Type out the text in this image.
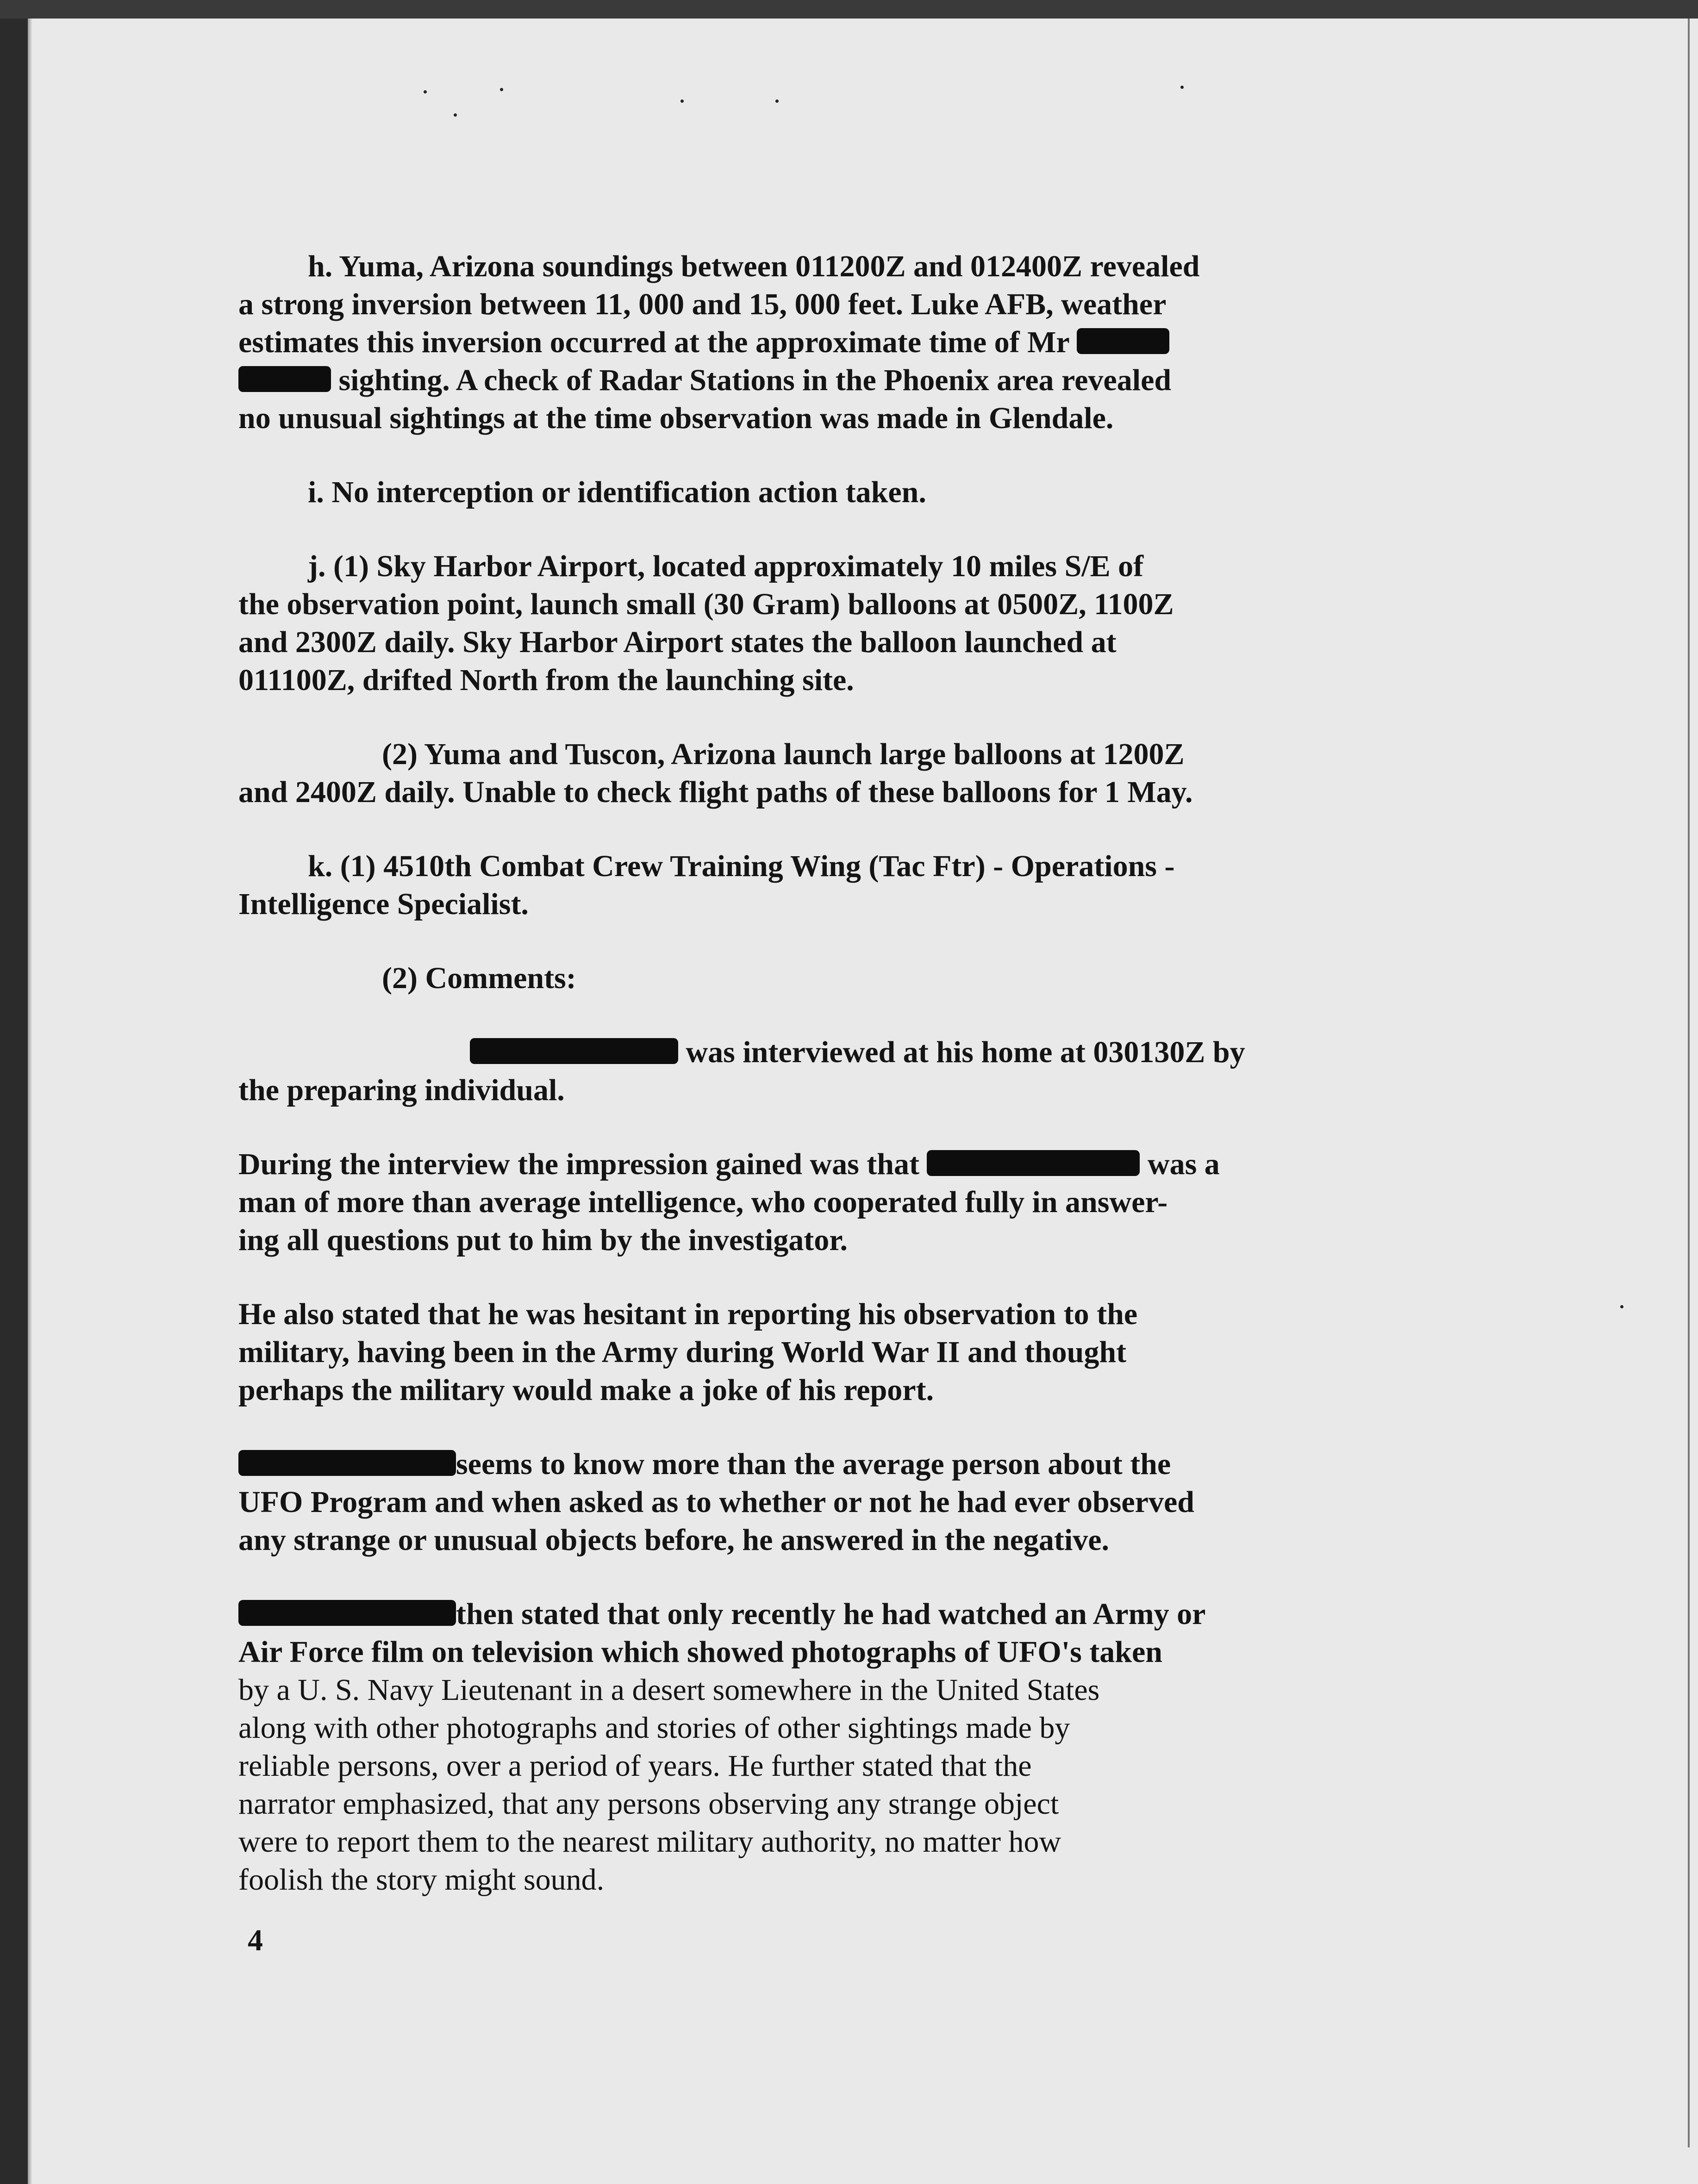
h. Yuma, Arizona soundings between 011200Z and 012400Z revealed

a strong inversion between 11, 000 and 15, 000 feet. Luke AFB, weather

estimates this inversion occurred at the approximate time of Mr

sighting. A check of Radar Stations in the Phoenix area revealed

no unusual sightings at the time observation was made in Glendale.

i. No interception or identification action taken.

j. (1) Sky Harbor Airport, located approximately 10 miles S/E of

the observation point, launch small (30 Gram) balloons at 0500Z, 1100Z

and 2300Z daily. Sky Harbor Airport states the balloon launched at

011100Z, drifted North from the launching site.

(2) Yuma and Tuscon, Arizona launch large balloons at 1200Z

and 2400Z daily. Unable to check flight paths of these balloons for 1 May.

k. (1) 4510th Combat Crew Training Wing (Tac Ftr) - Operations -

Intelligence Specialist.

(2) Comments:

was interviewed at his home at 030130Z by

the preparing individual.

During the interview the impression gained was that	was a

man of more than average intelligence, who cooperated fully in answer-

ing all questions put to him by the investigator.

He also stated that he was hesitant in reporting his observation to the

military, having been in the Army during World War II and thought

perhaps the military would make a joke of his report.

seems to know more than the average person about the

UFO Program and when asked as to whether or not he had ever observed

any strange or unusual objects before, he answered in the negative.

then stated that only recently he had watched an Army or

Air Force film on television which showed photographs of UFO's taken

by a U. S. Navy Lieutenant in a desert somewhere in the United States

along with other photographs and stories of other sightings made by

reliable persons, over a period of years. He further stated that the

narrator emphasized, that any persons observing any strange object

were to report them to the nearest military authority, no matter how

foolish the story might sound.

4
